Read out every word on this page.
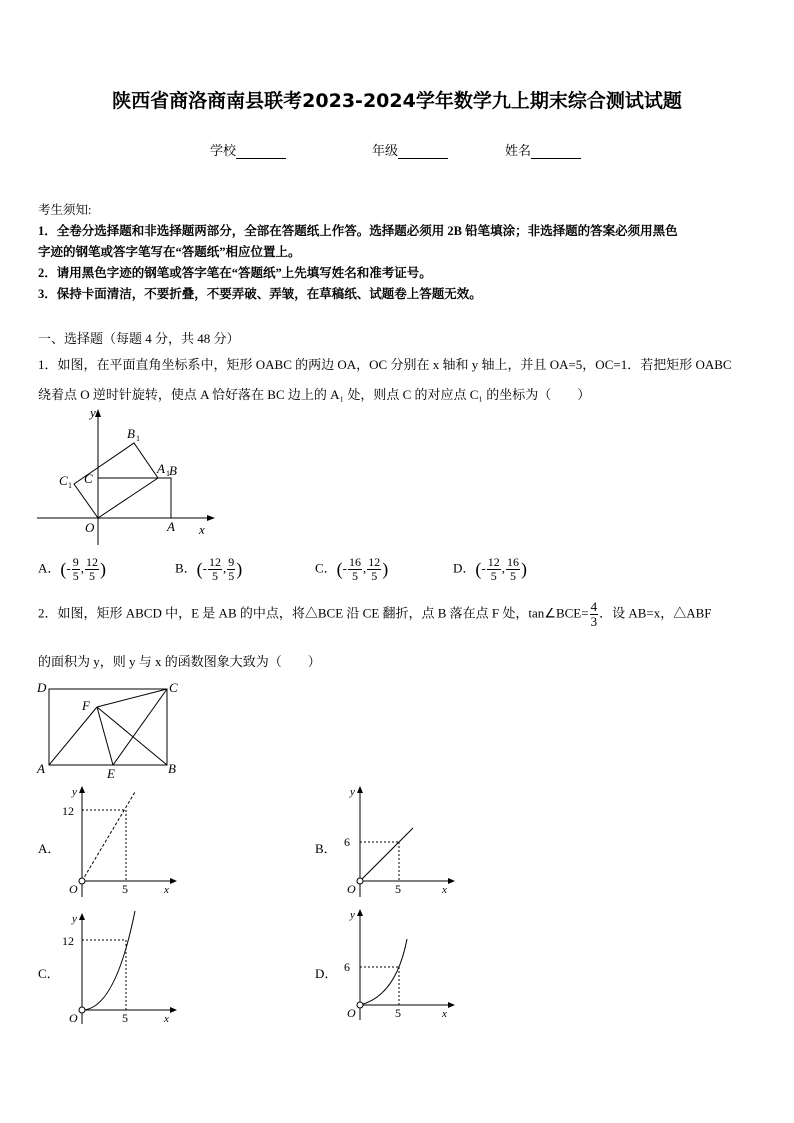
陕西省商洛商南县联考2023-2024学年数学九上期末综合测试试题
学校	年级	姓名
考生须知:
1．全卷分选择题和非选择题两部分，全部在答题纸上作答。选择题必须用 2B 铅笔填涂；非选择题的答案必须用黑色
字迹的钢笔或答字笔写在“答题纸”相应位置上。
2．请用黑色字迹的钢笔或答字笔在“答题纸”上先填写姓名和准考证号。
3．保持卡面清洁，不要折叠，不要弄破、弄皱，在草稿纸、试题卷上答题无效。
一、选择题（每题 4 分，共 48 分）
1．如图，在平面直角坐标系中，矩形 OABC 的两边 OA，OC 分别在 x 轴和 y 轴上，并且 OA=5，OC=1．若把矩形 OABC
绕着点 O 逆时针旋转，使点 A 恰好落在 BC 边上的 A₁ 处，则点 C 的对应点 C₁ 的坐标为（　　）
y
x
O	A
B
C
A 1
B 1
C 1
A．(- $\frac{9}{5}$ , $\frac{12}{5}$ )	B．(- $\frac{12}{5}$ , $\frac{9}{5}$ )	C．(- $\frac{16}{5}$ , $\frac{12}{5}$ )	D．(- $\frac{12}{5}$ , $\frac{16}{5}$ )
2．如图，矩形 ABCD 中，E 是 AB 的中点，将△BCE 沿 CE 翻折，点 B 落在点 F 处，tan∠BCE= $\frac{4}{3}$ ．设 AB=x，△ABF
的面积为 y，则 y 与 x 的函数图象大致为（　　）
D	C
A	B
E
F
A．	B．
C．	D．
y
x
O
12
5
y
x
O
6
5
y
x
O
12
5
y
x
O
6
5
